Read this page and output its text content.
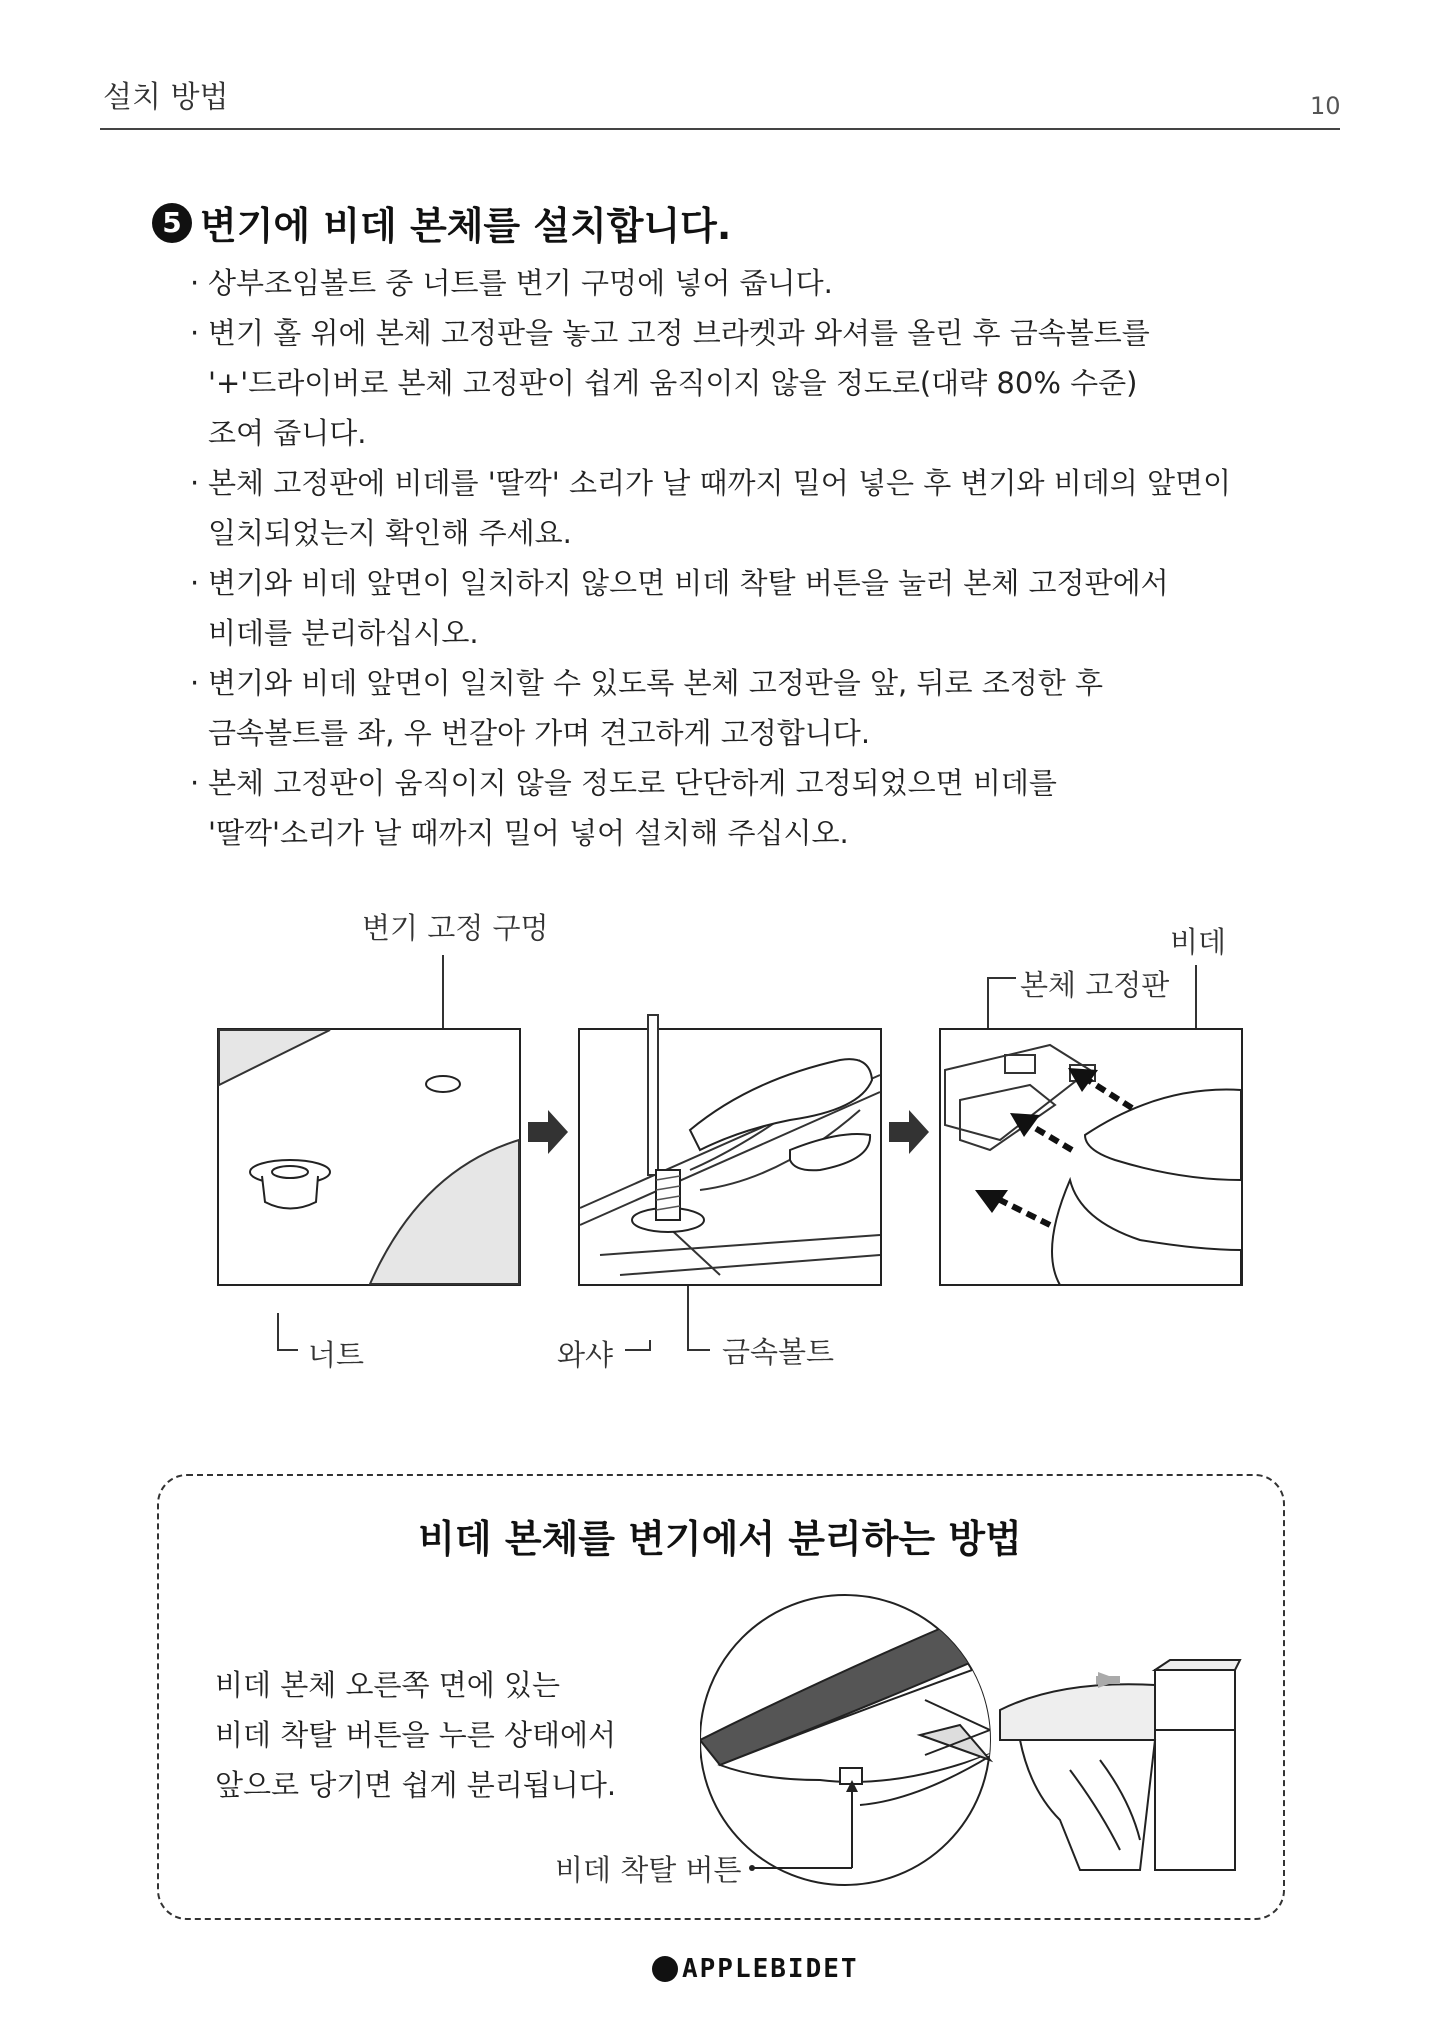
설치 방법	10
5 변기에 비데 본체를 설치합니다.
· 상부조임볼트 중 너트를 변기 구멍에 넣어 줍니다.
· 변기 홀 위에 본체 고정판을 놓고 고정 브라켓과 와셔를 올린 후 금속볼트를
'+'드라이버로 본체 고정판이 쉽게 움직이지 않을 정도로(대략 80% 수준)
조여 줍니다.
· 본체 고정판에 비데를 '딸깍' 소리가 날 때까지 밀어 넣은 후 변기와 비데의 앞면이
일치되었는지 확인해 주세요.
· 변기와 비데 앞면이 일치하지 않으면 비데 착탈 버튼을 눌러 본체 고정판에서
비데를 분리하십시오.
· 변기와 비데 앞면이 일치할 수 있도록 본체 고정판을 앞, 뒤로 조정한 후
금속볼트를 좌, 우 번갈아 가며 견고하게 고정합니다.
· 본체 고정판이 움직이지 않을 정도로 단단하게 고정되었으면 비데를
'딸깍'소리가 날 때까지 밀어 넣어 설치해 주십시오.
변기 고정 구멍
너트	와샤	금속볼트
비데
본체 고정판
비데 본체를 변기에서 분리하는 방법
비데 본체 오른쪽 면에 있는
비데 착탈 버튼을 누른 상태에서
앞으로 당기면 쉽게 분리됩니다.
비데 착탈 버튼
APPLEBIDET
